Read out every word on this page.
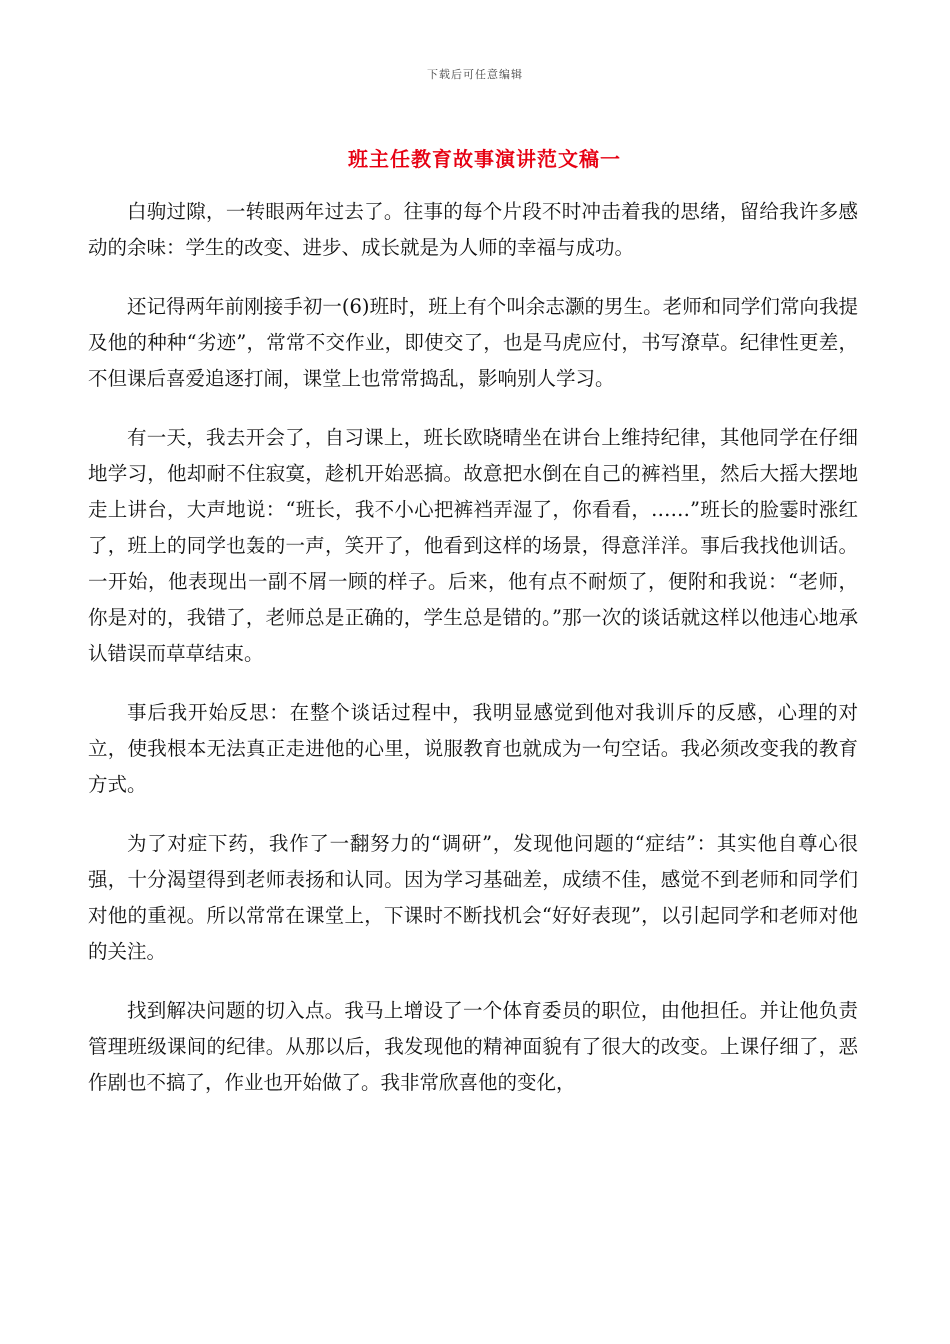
下载后可任意编辑
班主任教育故事演讲范文稿一

白驹过隙，一转眼两年过去了。往事的每个片段不时冲击着我的思绪，留给我许多感动的余味：学生的改变、进步、成长就是为人师的幸福与成功。

还记得两年前刚接手初一(6)班时，班上有个叫余志灏的男生。老师和同学们常向我提及他的种种“劣迹”，常常不交作业，即使交了，也是马虎应付，书写潦草。纪律性更差，不但课后喜爱追逐打闹，课堂上也常常捣乱，影响别人学习。

有一天，我去开会了，自习课上，班长欧晓晴坐在讲台上维持纪律，其他同学在仔细地学习，他却耐不住寂寞，趁机开始恶搞。故意把水倒在自己的裤裆里，然后大摇大摆地走上讲台，大声地说：“班长，我不小心把裤裆弄湿了，你看看，……”班长的脸霎时涨红了，班上的同学也轰的一声，笑开了，他看到这样的场景，得意洋洋。事后我找他训话。一开始，他表现出一副不屑一顾的样子。后来，他有点不耐烦了，便附和我说：“老师，你是对的，我错了，老师总是正确的，学生总是错的。”那一次的谈话就这样以他违心地承认错误而草草结束。

事后我开始反思：在整个谈话过程中，我明显感觉到他对我训斥的反感，心理的对立，使我根本无法真正走进他的心里，说服教育也就成为一句空话。我必须改变我的教育方式。

为了对症下药，我作了一翻努力的“调研”，发现他问题的“症结”：其实他自尊心很强，十分渴望得到老师表扬和认同。因为学习基础差，成绩不佳，感觉不到老师和同学们对他的重视。所以常常在课堂上，下课时不断找机会“好好表现”，以引起同学和老师对他的关注。

找到解决问题的切入点。我马上增设了一个体育委员的职位，由他担任。并让他负责管理班级课间的纪律。从那以后，我发现他的精神面貌有了很大的改变。上课仔细了，恶作剧也不搞了，作业也开始做了。我非常欣喜他的变化，
